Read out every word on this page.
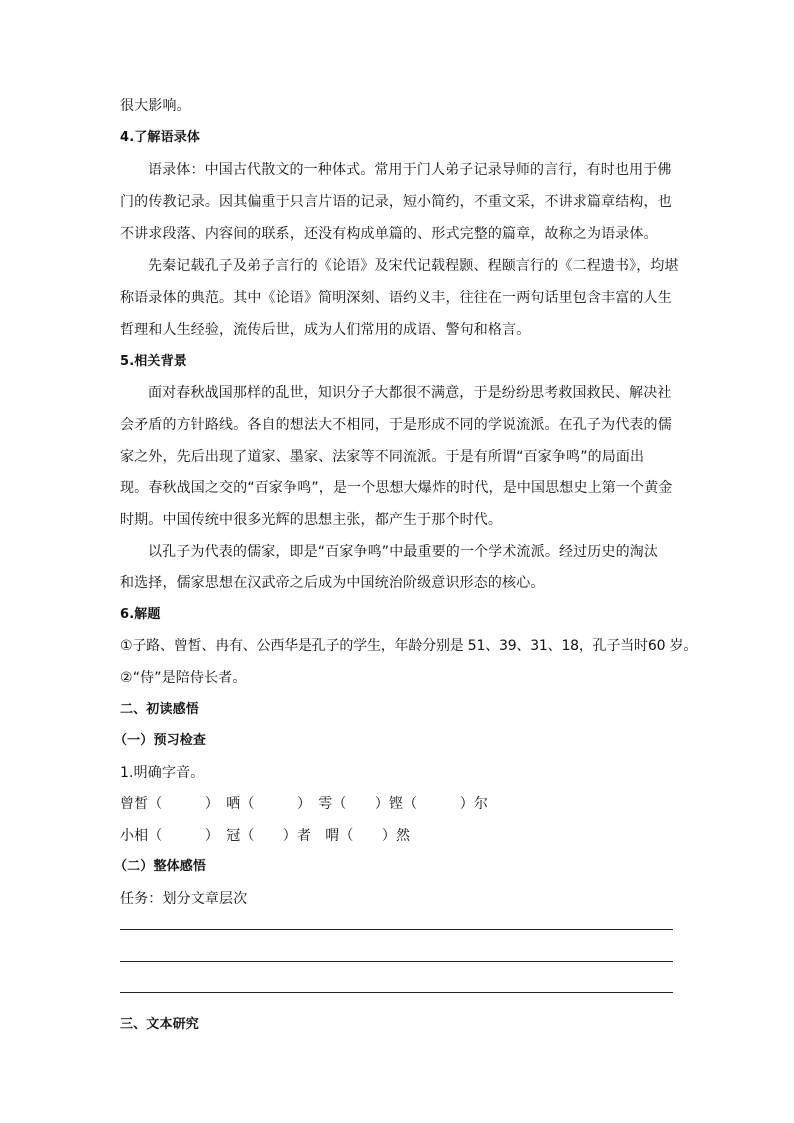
很大影响。
4.了解语录体
语录体：中国古代散文的一种体式。常用于门人弟子记录导师的言行，有时也用于佛
门的传教记录。因其偏重于只言片语的记录，短小简约，不重文采，不讲求篇章结构，也
不讲求段落、内容间的联系，还没有构成单篇的、形式完整的篇章，故称之为语录体。
先秦记载孔子及弟子言行的《论语》及宋代记载程颢、程颐言行的《二程遗书》，均堪
称语录体的典范。其中《论语》简明深刻、语约义丰，往往在一两句话里包含丰富的人生
哲理和人生经验，流传后世，成为人们常用的成语、警句和格言。
5.相关背景
面对春秋战国那样的乱世，知识分子大都很不满意，于是纷纷思考救国救民、解决社
会矛盾的方针路线。各自的想法大不相同，于是形成不同的学说流派。在孔子为代表的儒
家之外，先后出现了道家、墨家、法家等不同流派。于是有所谓“百家争鸣”的局面出
现。春秋战国之交的“百家争鸣”，是一个思想大爆炸的时代，是中国思想史上第一个黄金
时期。中国传统中很多光辉的思想主张，都产生于那个时代。
以孔子为代表的儒家，即是“百家争鸣”中最重要的一个学术流派。经过历史的淘汰
和选择，儒家思想在汉武帝之后成为中国统治阶级意识形态的核心。
6.解题
①子路、曾皙、冉有、公西华是孔子的学生，年龄分别是 51、39、31、18，孔子当时60 岁。
②“侍”是陪侍长者。
二、初读感悟
（一）预习检查
1.明确字音。
曾皙（　　　）　哂（　　　）　雩（　　）铿（　　　）尔
小相（　　　）　冠（　　）者　喟（　　）然
（二）整体感悟
任务：划分文章层次
三、文本研究
